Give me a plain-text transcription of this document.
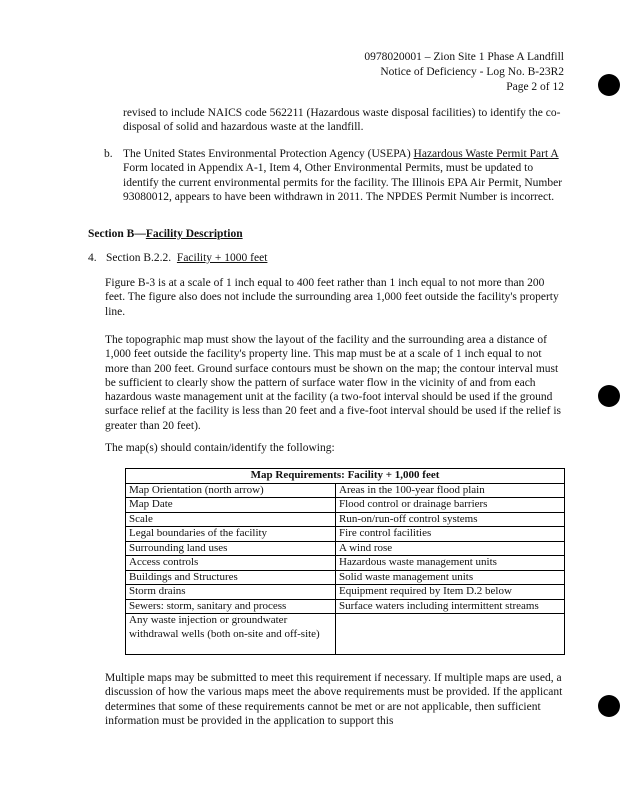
0978020001 – Zion Site 1 Phase A Landfill
Notice of Deficiency - Log No. B-23R2
Page 2 of 12

revised to include NAICS code 562211 (Hazardous waste disposal facilities) to identify the co-disposal of solid and hazardous waste at the landfill.

b. The United States Environmental Protection Agency (USEPA) Hazardous Waste Permit Part A Form located in Appendix A-1, Item 4, Other Environmental Permits, must be updated to identify the current environmental permits for the facility. The Illinois EPA Air Permit, Number 93080012, appears to have been withdrawn in 2011. The NPDES Permit Number is incorrect.

Section B—Facility Description
4. Section B.2.2. Facility + 1000 feet

Figure B-3 is at a scale of 1 inch equal to 400 feet rather than 1 inch equal to not more than 200 feet. The figure also does not include the surrounding area 1,000 feet outside the facility's property line.

The topographic map must show the layout of the facility and the surrounding area a distance of 1,000 feet outside the facility's property line. This map must be at a scale of 1 inch equal to not more than 200 feet. Ground surface contours must be shown on the map; the contour interval must be sufficient to clearly show the pattern of surface water flow in the vicinity of and from each hazardous waste management unit at the facility (a two-foot interval should be used if the ground surface relief at the facility is less than 20 feet and a five-foot interval should be used if the relief is greater than 20 feet).

The map(s) should contain/identify the following:

Map Requirements: Facility + 1,000 feet	
Map Orientation (north arrow)	Areas in the 100-year flood plain
Map Date	Flood control or drainage barriers
Scale	Run-on/run-off control systems
Legal boundaries of the facility	Fire control facilities
Surrounding land uses	A wind rose
Access controls	Hazardous waste management units
Buildings and Structures	Solid waste management units
Storm drains	Equipment required by Item D.2 below
Sewers: storm, sanitary and process	Surface waters including intermittent streams
Any waste injection or groundwater withdrawal wells (both on-site and off-site)	

Multiple maps may be submitted to meet this requirement if necessary. If multiple maps are used, a discussion of how the various maps meet the above requirements must be provided. If the applicant determines that some of these requirements cannot be met or are not applicable, then sufficient information must be provided in the application to support this
